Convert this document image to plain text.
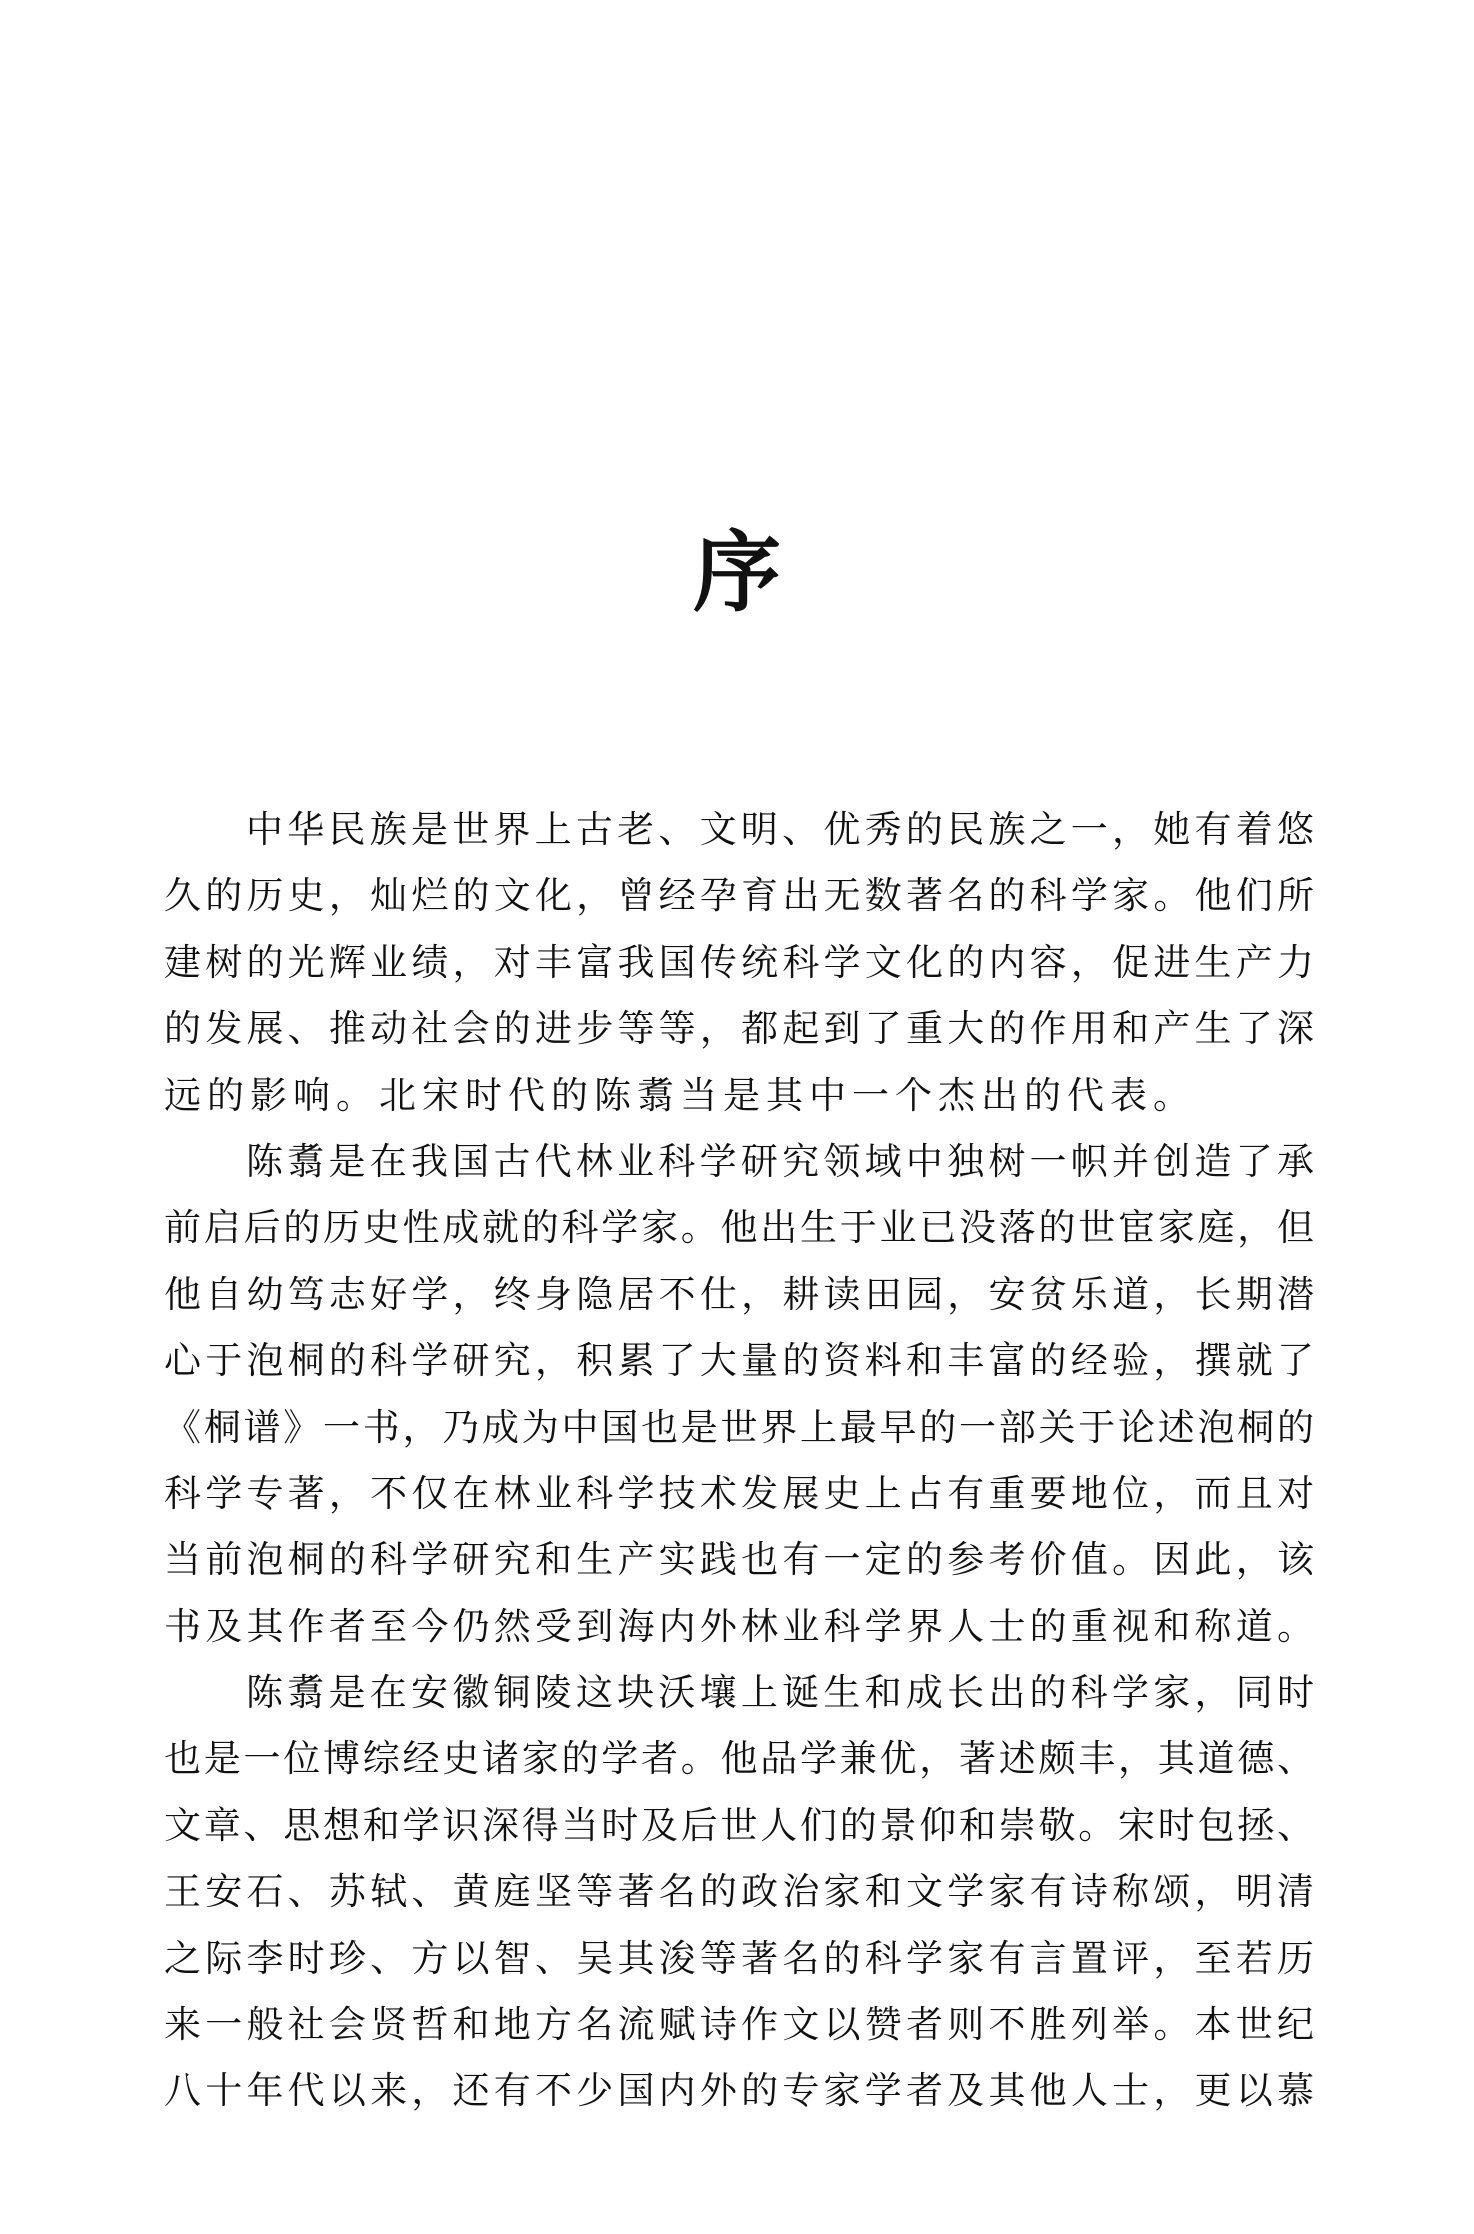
序
中华民族是世界上古老、文明、优秀的民族之一，她有着悠
久的历史，灿烂的文化，曾经孕育出无数著名的科学家。他们所
建树的光辉业绩，对丰富我国传统科学文化的内容，促进生产力
的发展、推动社会的进步等等，都起到了重大的作用和产生了深
远的影响。北宋时代的陈翥当是其中一个杰出的代表。
陈翥是在我国古代林业科学研究领域中独树一帜并创造了承
前启后的历史性成就的科学家。他出生于业已没落的世宦家庭，但
他自幼笃志好学，终身隐居不仕，耕读田园，安贫乐道，长期潜
心于泡桐的科学研究，积累了大量的资料和丰富的经验，撰就了
《桐谱》一书，乃成为中国也是世界上最早的一部关于论述泡桐的
科学专著，不仅在林业科学技术发展史上占有重要地位，而且对
当前泡桐的科学研究和生产实践也有一定的参考价值。因此，该
书及其作者至今仍然受到海内外林业科学界人士的重视和称道。
陈翥是在安徽铜陵这块沃壤上诞生和成长出的科学家，同时
也是一位博综经史诸家的学者。他品学兼优，著述颇丰，其道德、
文章、思想和学识深得当时及后世人们的景仰和崇敬。宋时包拯、
王安石、苏轼、黄庭坚等著名的政治家和文学家有诗称颂，明清
之际李时珍、方以智、吴其浚等著名的科学家有言置评，至若历
来一般社会贤哲和地方名流赋诗作文以赞者则不胜列举。本世纪
八十年代以来，还有不少国内外的专家学者及其他人士，更以慕
